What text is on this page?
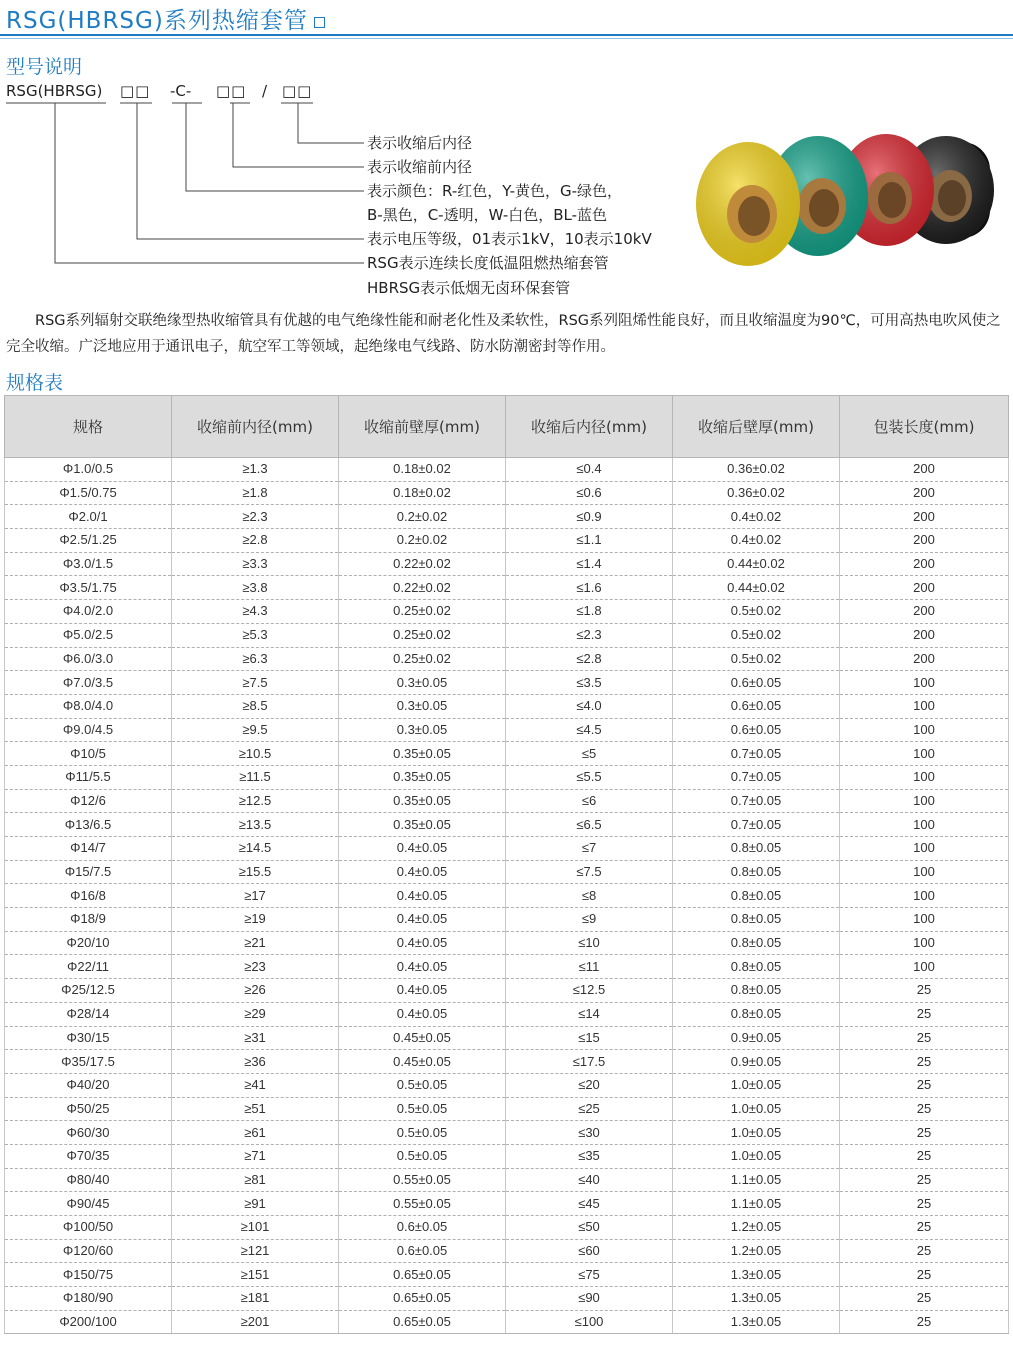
RSG(HBRSG)系列热缩套管
型号说明
RSG(HBRSG) □□ -C- □□ / □□
表示收缩后内径
表示收缩前内径
表示颜色：R-红色，Y-黄色，G-绿色，
B-黑色，C-透明，W-白色，BL-蓝色
表示电压等级，01表示1kV，10表示10kV
RSG表示连续长度低温阻燃热缩套管
HBRSG表示低烟无卤环保套管
RSG系列辐射交联绝缘型热收缩管具有优越的电气绝缘性能和耐老化性及柔软性，RSG系列阻烯性能良好，而且收缩温度为90℃，可用高热电吹风使之完全收缩。广泛地应用于通讯电子，航空军工等领域，起绝缘电气线路、防水防潮密封等作用。
规格表
规格	收缩前内径(mm)	收缩前壁厚(mm)	收缩后内径(mm)	收缩后壁厚(mm)	包装长度(mm)
Φ1.0/0.5	≥1.3	0.18±0.02	≤0.4	0.36±0.02	200
Φ1.5/0.75	≥1.8	0.18±0.02	≤0.6	0.36±0.02	200
Φ2.0/1	≥2.3	0.2±0.02	≤0.9	0.4±0.02	200
Φ2.5/1.25	≥2.8	0.2±0.02	≤1.1	0.4±0.02	200
Φ3.0/1.5	≥3.3	0.22±0.02	≤1.4	0.44±0.02	200
Φ3.5/1.75	≥3.8	0.22±0.02	≤1.6	0.44±0.02	200
Φ4.0/2.0	≥4.3	0.25±0.02	≤1.8	0.5±0.02	200
Φ5.0/2.5	≥5.3	0.25±0.02	≤2.3	0.5±0.02	200
Φ6.0/3.0	≥6.3	0.25±0.02	≤2.8	0.5±0.02	200
Φ7.0/3.5	≥7.5	0.3±0.05	≤3.5	0.6±0.05	100
Φ8.0/4.0	≥8.5	0.3±0.05	≤4.0	0.6±0.05	100
Φ9.0/4.5	≥9.5	0.3±0.05	≤4.5	0.6±0.05	100
Φ10/5	≥10.5	0.35±0.05	≤5	0.7±0.05	100
Φ11/5.5	≥11.5	0.35±0.05	≤5.5	0.7±0.05	100
Φ12/6	≥12.5	0.35±0.05	≤6	0.7±0.05	100
Φ13/6.5	≥13.5	0.35±0.05	≤6.5	0.7±0.05	100
Φ14/7	≥14.5	0.4±0.05	≤7	0.8±0.05	100
Φ15/7.5	≥15.5	0.4±0.05	≤7.5	0.8±0.05	100
Φ16/8	≥17	0.4±0.05	≤8	0.8±0.05	100
Φ18/9	≥19	0.4±0.05	≤9	0.8±0.05	100
Φ20/10	≥21	0.4±0.05	≤10	0.8±0.05	100
Φ22/11	≥23	0.4±0.05	≤11	0.8±0.05	100
Φ25/12.5	≥26	0.4±0.05	≤12.5	0.8±0.05	25
Φ28/14	≥29	0.4±0.05	≤14	0.8±0.05	25
Φ30/15	≥31	0.45±0.05	≤15	0.9±0.05	25
Φ35/17.5	≥36	0.45±0.05	≤17.5	0.9±0.05	25
Φ40/20	≥41	0.5±0.05	≤20	1.0±0.05	25
Φ50/25	≥51	0.5±0.05	≤25	1.0±0.05	25
Φ60/30	≥61	0.5±0.05	≤30	1.0±0.05	25
Φ70/35	≥71	0.5±0.05	≤35	1.0±0.05	25
Φ80/40	≥81	0.55±0.05	≤40	1.1±0.05	25
Φ90/45	≥91	0.55±0.05	≤45	1.1±0.05	25
Φ100/50	≥101	0.6±0.05	≤50	1.2±0.05	25
Φ120/60	≥121	0.6±0.05	≤60	1.2±0.05	25
Φ150/75	≥151	0.65±0.05	≤75	1.3±0.05	25
Φ180/90	≥181	0.65±0.05	≤90	1.3±0.05	25
Φ200/100	≥201	0.65±0.05	≤100	1.3±0.05	25
